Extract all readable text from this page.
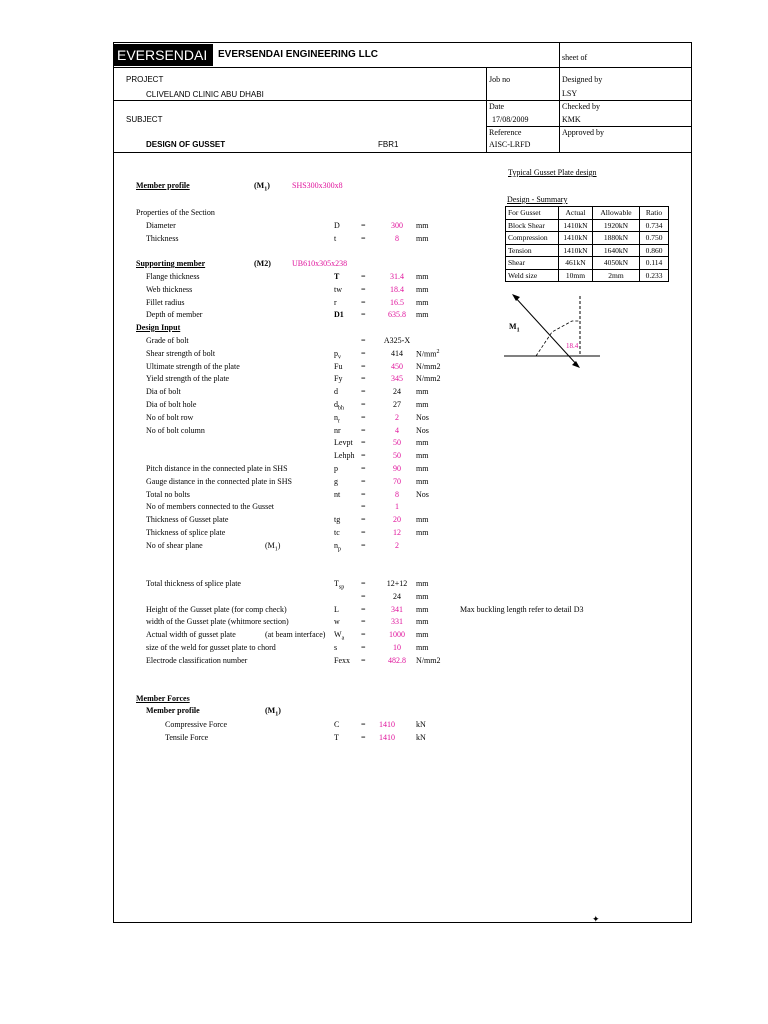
EVERSENDAI	EVERSENDAI ENGINEERING LLC	sheet of
PROJECT
CLIVELAND CLINIC ABU DHABI
SUBJECT
DESIGN OF GUSSET	FBR1
Job no	Designed by
LSY
Date
17/08/2009
Checked by
KMK
Reference
AISC-LRFD
Approved by
Member profile	$(M_1)$	SHS300x300x8
Properties of the Section
Diameter	D	=	300	mm
Thickness	t	=	8	mm
Supporting member	(M2)	UB610x305x238
Flange thickness	T	=	31.4	mm
Web thickness	tw =	18.4	mm
Fillet radius	r	=	16.5	mm
Depth of member	D1 =	635.8	mm
Design Input
Grade of bolt	=	A325-X
Shear strength of bolt	$p_v$	=	414	$N/mm^2$
Ultimate strength of the plate	Fu =	450	N/mm2
Yield strength of the plate	Fy =	345	N/mm2
Dia of bolt	d	=	24	mm
Dia of bolt hole	$d_{bh}$ =	27	mm
No of bolt row	$n_r$	=	2	Nos
No of bolt column	nr	=	4	Nos
Levpt =	50	mm
Lehph =	50	mm
Pitch distance in the connected plate in SHS	p	=	90	mm
Gauge distance in the connected plate in SHS	g	=	70	mm
Total no bolts	nt	=	8	Nos
No of members connected to the Gusset	=	1
Thickness of Gusset plate	tg	=	20	mm
Thickness of splice plate	tc	=	12	mm
No of shear plane	$(M_1)$	$n_p$	=	2
Total thickness of splice plate	$T_{sp}$ =	12+12	mm
=	24	mm
Height of the Gusset plate (for comp check)	L	=	341	mm	Max buckling length refer to detail D3
width of the Gusset plate (whitmore section)	w	=	331	mm
Actual width of gusset plate	(at beam interface) $W_a$ =	1000	mm
size of the weld for gusset plate to chord	s	=	10	mm
Electrode classification number	Fexx =	482.8	N/mm2
Member Forces
Member profile	$(M_1)$
Compressive Force	C	=	1410	kN
Tensile Force	T	=	1410	kN
Typical Gusset Plate design
Design - Summary
For Gusset	Actual	Allowable	Ratio
Block Shear	1410kN	1920kN	0.734
Compression	1410kN	1880kN	0.750
Tension	1410kN	1640kN	0.860
Shear	461kN	4050kN	0.114
Weld size	10mm	2mm	0.233
18.4
$M_1$
✦
